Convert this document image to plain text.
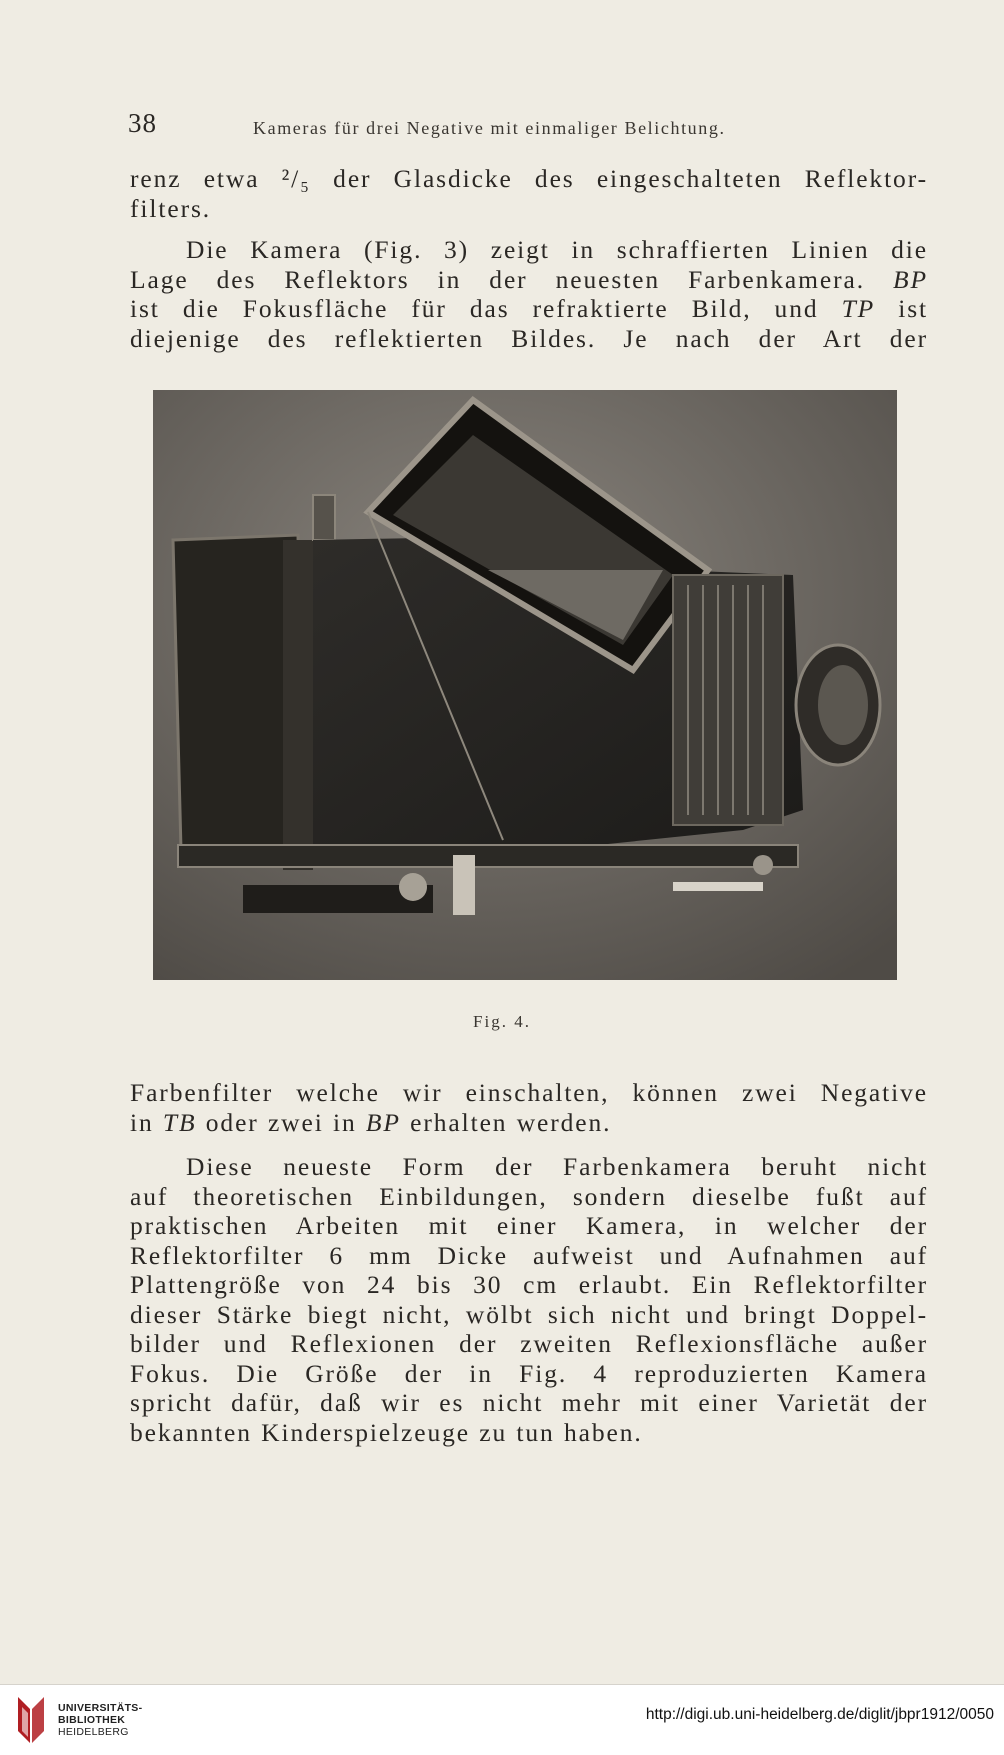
38	Kameras für drei Negative mit einmaliger Belichtung.
renz etwa ²/₅ der Glasdicke des eingeschalteten Reflektor-
filters.
Die Kamera (Fig. 3) zeigt in schraffierten Linien die
Lage des Reflektors in der neuesten Farbenkamera. BP
ist die Fokusfläche für das refraktierte Bild, und TP ist
diejenige des reflektierten Bildes. Je nach der Art der
Fig. 4.
Farbenfilter welche wir einschalten, können zwei Negative
in TB oder zwei in BP erhalten werden.
Diese neueste Form der Farbenkamera beruht nicht
auf theoretischen Einbildungen, sondern dieselbe fußt auf
praktischen Arbeiten mit einer Kamera, in welcher der
Reflektorfilter 6 mm Dicke aufweist und Aufnahmen auf
Plattengröße von 24 bis 30 cm erlaubt. Ein Reflektorfilter
dieser Stärke biegt nicht, wölbt sich nicht und bringt Doppel-
bilder und Reflexionen der zweiten Reflexionsfläche außer
Fokus. Die Größe der in Fig. 4 reproduzierten Kamera
spricht dafür, daß wir es nicht mehr mit einer Varietät der
bekannten Kinderspielzeuge zu tun haben.
UNIVERSITÄTS-
BIBLIOTHEK
HEIDELBERG
http://digi.ub.uni-heidelberg.de/diglit/jbpr1912/0050
